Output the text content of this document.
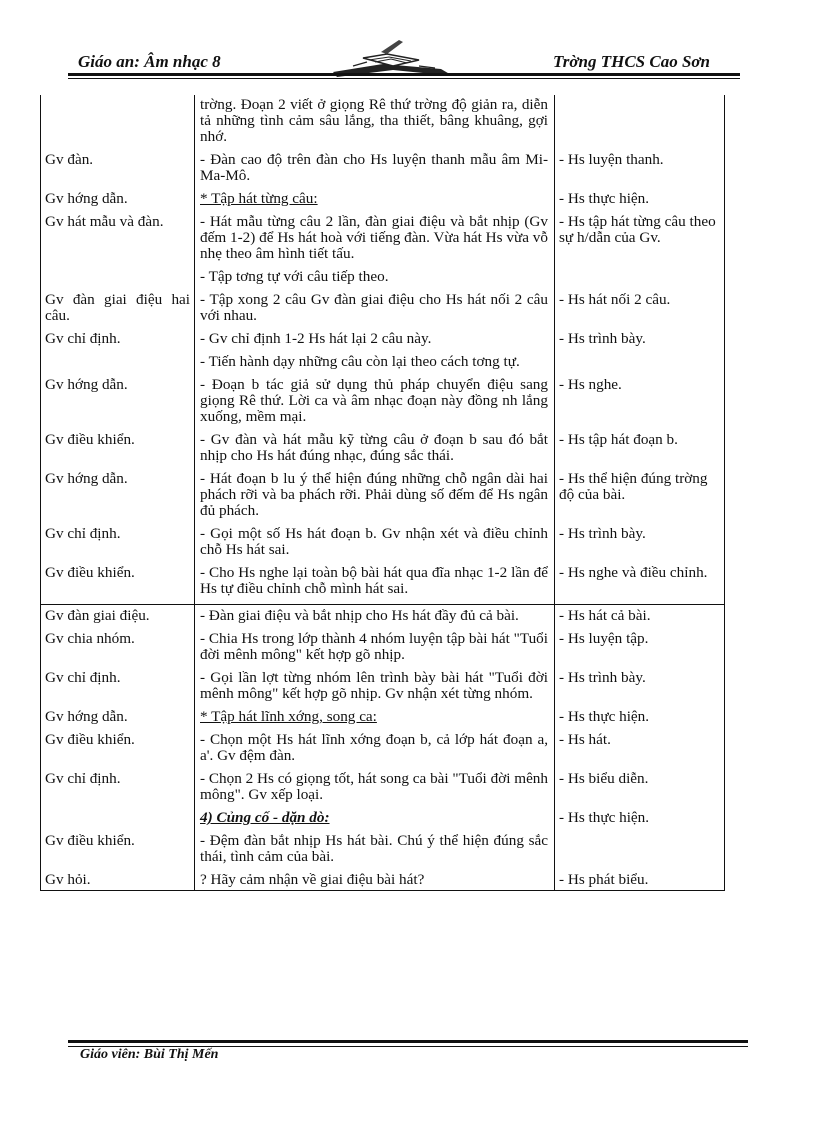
Giáo an: Âm nhạc 8	Trờng THCS Cao Sơn
	trờng. Đoạn 2 viết ở giọng Rê thứ trờng độ giản ra, diễn tả những tình cảm sâu lắng, tha thiết, bâng khuâng, gợi nhớ.	
Gv đàn.	- Đàn cao độ trên đàn cho Hs luyện thanh mẫu âm Mi-Ma-Mô.	- Hs luyện thanh.
Gv hớng dẫn.	* Tập hát từng câu:	- Hs thực hiện.
Gv hát mẫu và đàn.	- Hát mẫu từng câu 2 lần, đàn giai điệu và bắt nhịp (Gv đếm 1-2) để Hs hát hoà với tiếng đàn. Vừa hát Hs vừa vỗ nhẹ theo âm hình tiết tấu.	- Hs tập hát từng câu theo sự h/dẫn của Gv.
	- Tập tơng tự với câu tiếp theo.	
Gv đàn giai điệu hai câu.	- Tập xong 2 câu Gv đàn giai điệu cho Hs hát nối 2 câu với nhau.	- Hs hát nối 2 câu.
Gv chỉ định.	- Gv chỉ định 1-2 Hs hát lại 2 câu này.	- Hs trình bày.
	- Tiến hành dạy những câu còn lại theo cách tơng tự.	
Gv hớng dẫn.	- Đoạn b tác giả sử dụng thủ pháp chuyển điệu sang giọng Rê thứ. Lời ca và âm nhạc đoạn này đồng nh lắng xuống, mềm mại.	- Hs nghe.
Gv điều khiển.	- Gv đàn và hát mẫu kỹ từng câu ở đoạn b sau đó bắt nhịp cho Hs hát đúng nhạc, đúng sắc thái.	- Hs tập hát đoạn b.
Gv hớng dẫn.	- Hát đoạn b lu ý thể hiện đúng những chỗ ngân dài hai phách rỡi và ba phách rỡi. Phải dùng số đếm để Hs ngân đủ phách.	- Hs thể hiện đúng trờng độ của bài.
Gv chỉ định.	- Gọi một số Hs hát đoạn b. Gv nhận xét và điều chỉnh chỗ Hs hát sai.	- Hs trình bày.
Gv điều khiển.	- Cho Hs nghe lại toàn bộ bài hát qua đĩa nhạc 1-2 lần để Hs tự điều chỉnh chỗ mình hát sai.	- Hs nghe và điều chỉnh.
Gv đàn giai điệu.	- Đàn giai điệu và bắt nhịp cho Hs hát đầy đủ cả bài.	- Hs hát cả bài.
Gv chia nhóm.	- Chia Hs trong lớp thành 4 nhóm luyện tập bài hát "Tuổi đời mênh mông" kết hợp gõ nhịp.	- Hs luyện tập.
Gv chỉ định.	- Gọi lần lợt từng nhóm lên trình bày bài hát "Tuổi đời mênh mông" kết hợp gõ nhịp. Gv nhận xét từng nhóm.	- Hs trình bày.
Gv hớng dẫn.	* Tập hát lĩnh xớng, song ca:	- Hs thực hiện.
Gv điều khiển.	- Chọn một Hs hát lĩnh xớng đoạn b, cả lớp hát đoạn a, a'. Gv đệm đàn.	- Hs hát.
Gv chỉ định.	- Chọn 2 Hs có giọng tốt, hát song ca bài "Tuổi đời mênh mông". Gv xếp loại.	- Hs biểu diễn.
	4) Củng cố - dặn dò:	- Hs thực hiện.
Gv điều khiển.	- Đệm đàn bắt nhịp Hs hát bài. Chú ý thể hiện đúng sắc thái, tình cảm của bài.	
Gv hỏi.	? Hãy cảm nhận về giai điệu bài hát?	- Hs phát biểu.
Giáo viên: Bùi Thị Mến
